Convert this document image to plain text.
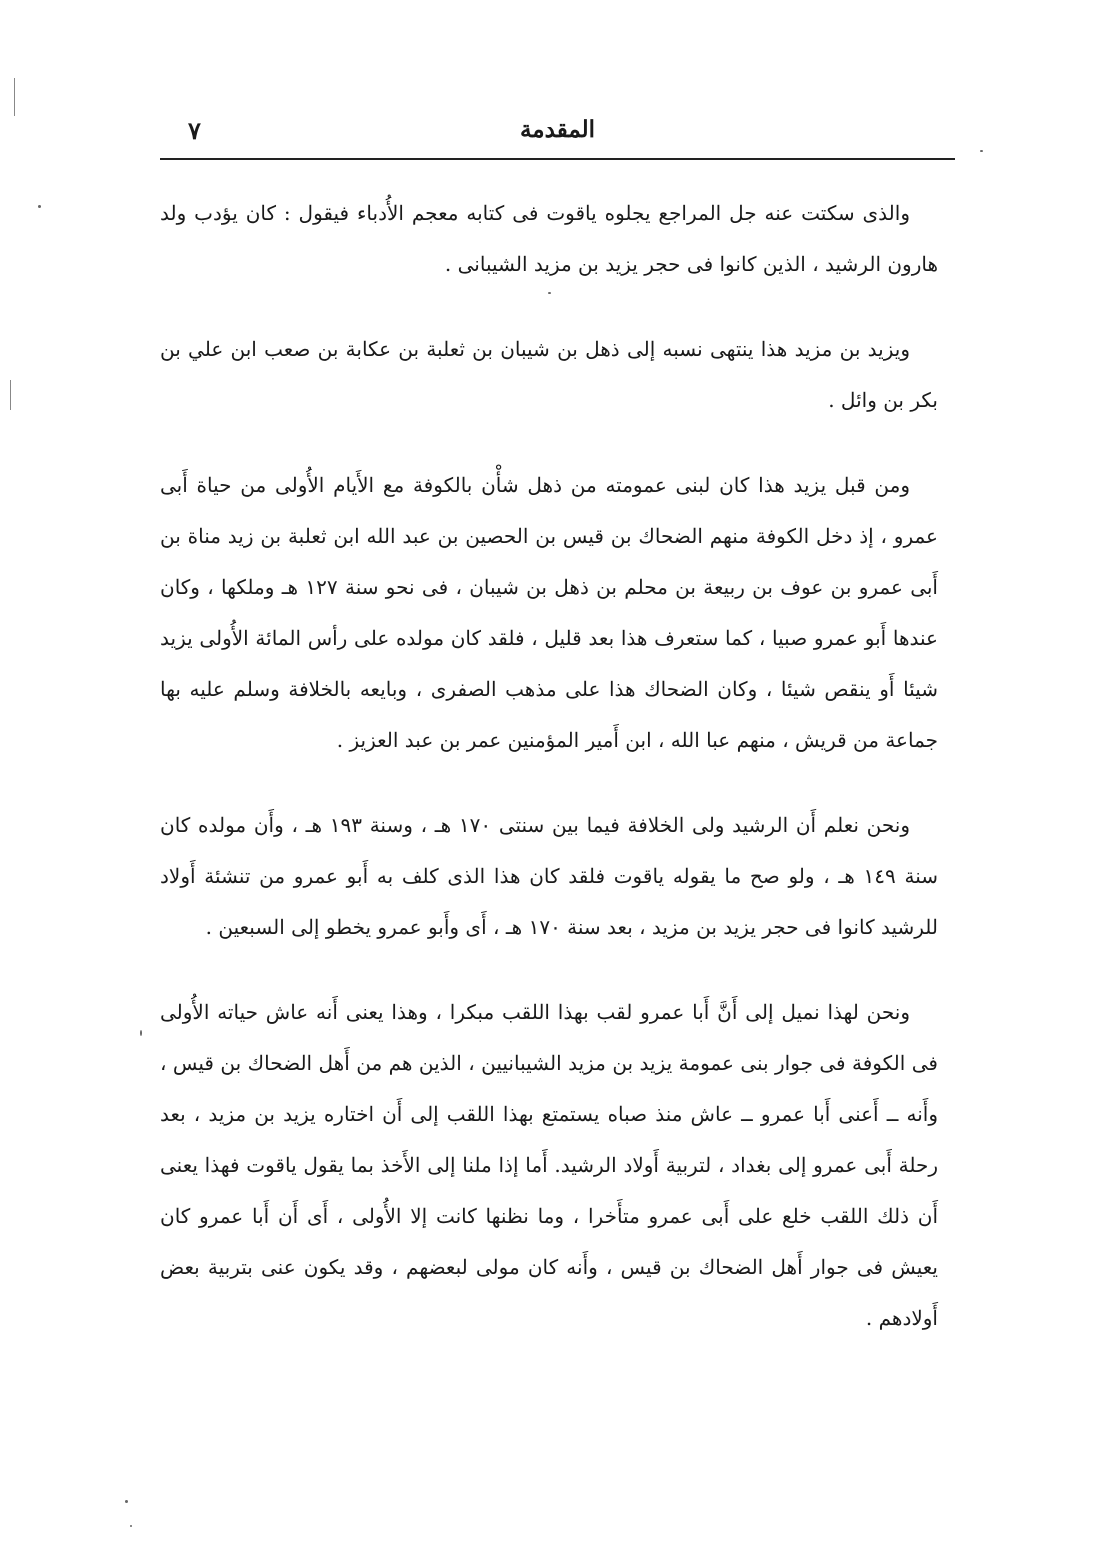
المقدمة
٧

والذى سكتت عنه جل المراجع يجلوه ياقوت فى كتابه معجم الأُدباء فيقول : كان يؤدب ولد هارون الرشيد ، الذين كانوا فى حجر يزيد بن مزيد الشيبانى .

ويزيد بن مزيد هذا ينتهى نسبه إلى ذهل بن شيبان بن ثعلبة بن عكابة بن صعب ابن علي بن بكر بن وائل .

ومن قبل يزيد هذا كان لبنى عمومته من ذهل شأْن بالكوفة مع الأَيام الأُولى من حياة أَبى عمرو ، إذ دخل الكوفة منهم الضحاك بن قيس بن الحصين بن عبد الله ابن ثعلبة بن زيد مناة بن أَبى عمرو بن عوف بن ربيعة بن محلم بن ذهل بن شيبان ، فى نحو سنة ١٢٧ هـ وملكها ، وكان عندها أَبو عمرو صبيا ، كما ستعرف هذا بعد قليل ، فلقد كان مولده على رأس المائة الأُولى يزيد شيئا أَو ينقص شيئا ، وكان الضحاك هذا على مذهب الصفرى ، وبايعه بالخلافة وسلم عليه بها جماعة من قريش ، منهم عبا الله ، ابن أَمير المؤمنين عمر بن عبد العزيز .

ونحن نعلم أَن الرشيد ولى الخلافة فيما بين سنتى ١٧٠ هـ ، وسنة ١٩٣ هـ ، وأَن مولده كان سنة ١٤٩ هـ ، ولو صح ما يقوله ياقوت فلقد كان هذا الذى كلف به أَبو عمرو من تنشئة أَولاد للرشيد كانوا فى حجر يزيد بن مزيد ، بعد سنة ١٧٠ هـ ، أَى وأَبو عمرو يخطو إلى السبعين .

ونحن لهذا نميل إلى أَنَّ أَبا عمرو لقب بهذا اللقب مبكرا ، وهذا يعنى أَنه عاش حياته الأُولى فى الكوفة فى جوار بنى عمومة يزيد بن مزيد الشيبانيين ، الذين هم من أَهل الضحاك بن قيس ، وأَنه ــ أَعنى أَبا عمرو ــ عاش منذ صباه يستمتع بهذا اللقب إلى أَن اختاره يزيد بن مزيد ، بعد رحلة أَبى عمرو إلى بغداد ، لتربية أَولاد الرشيد. أَما إذا ملنا إلى الأَخذ بما يقول ياقوت فهذا يعنى أَن ذلك اللقب خلع على أَبى عمرو متأَخرا ، وما نظنها كانت إلا الأُولى ، أَى أَن أَبا عمرو كان يعيش فى جوار أَهل الضحاك بن قيس ، وأَنه كان مولى لبعضهم ، وقد يكون عنى بتربية بعض أَولادهم .
